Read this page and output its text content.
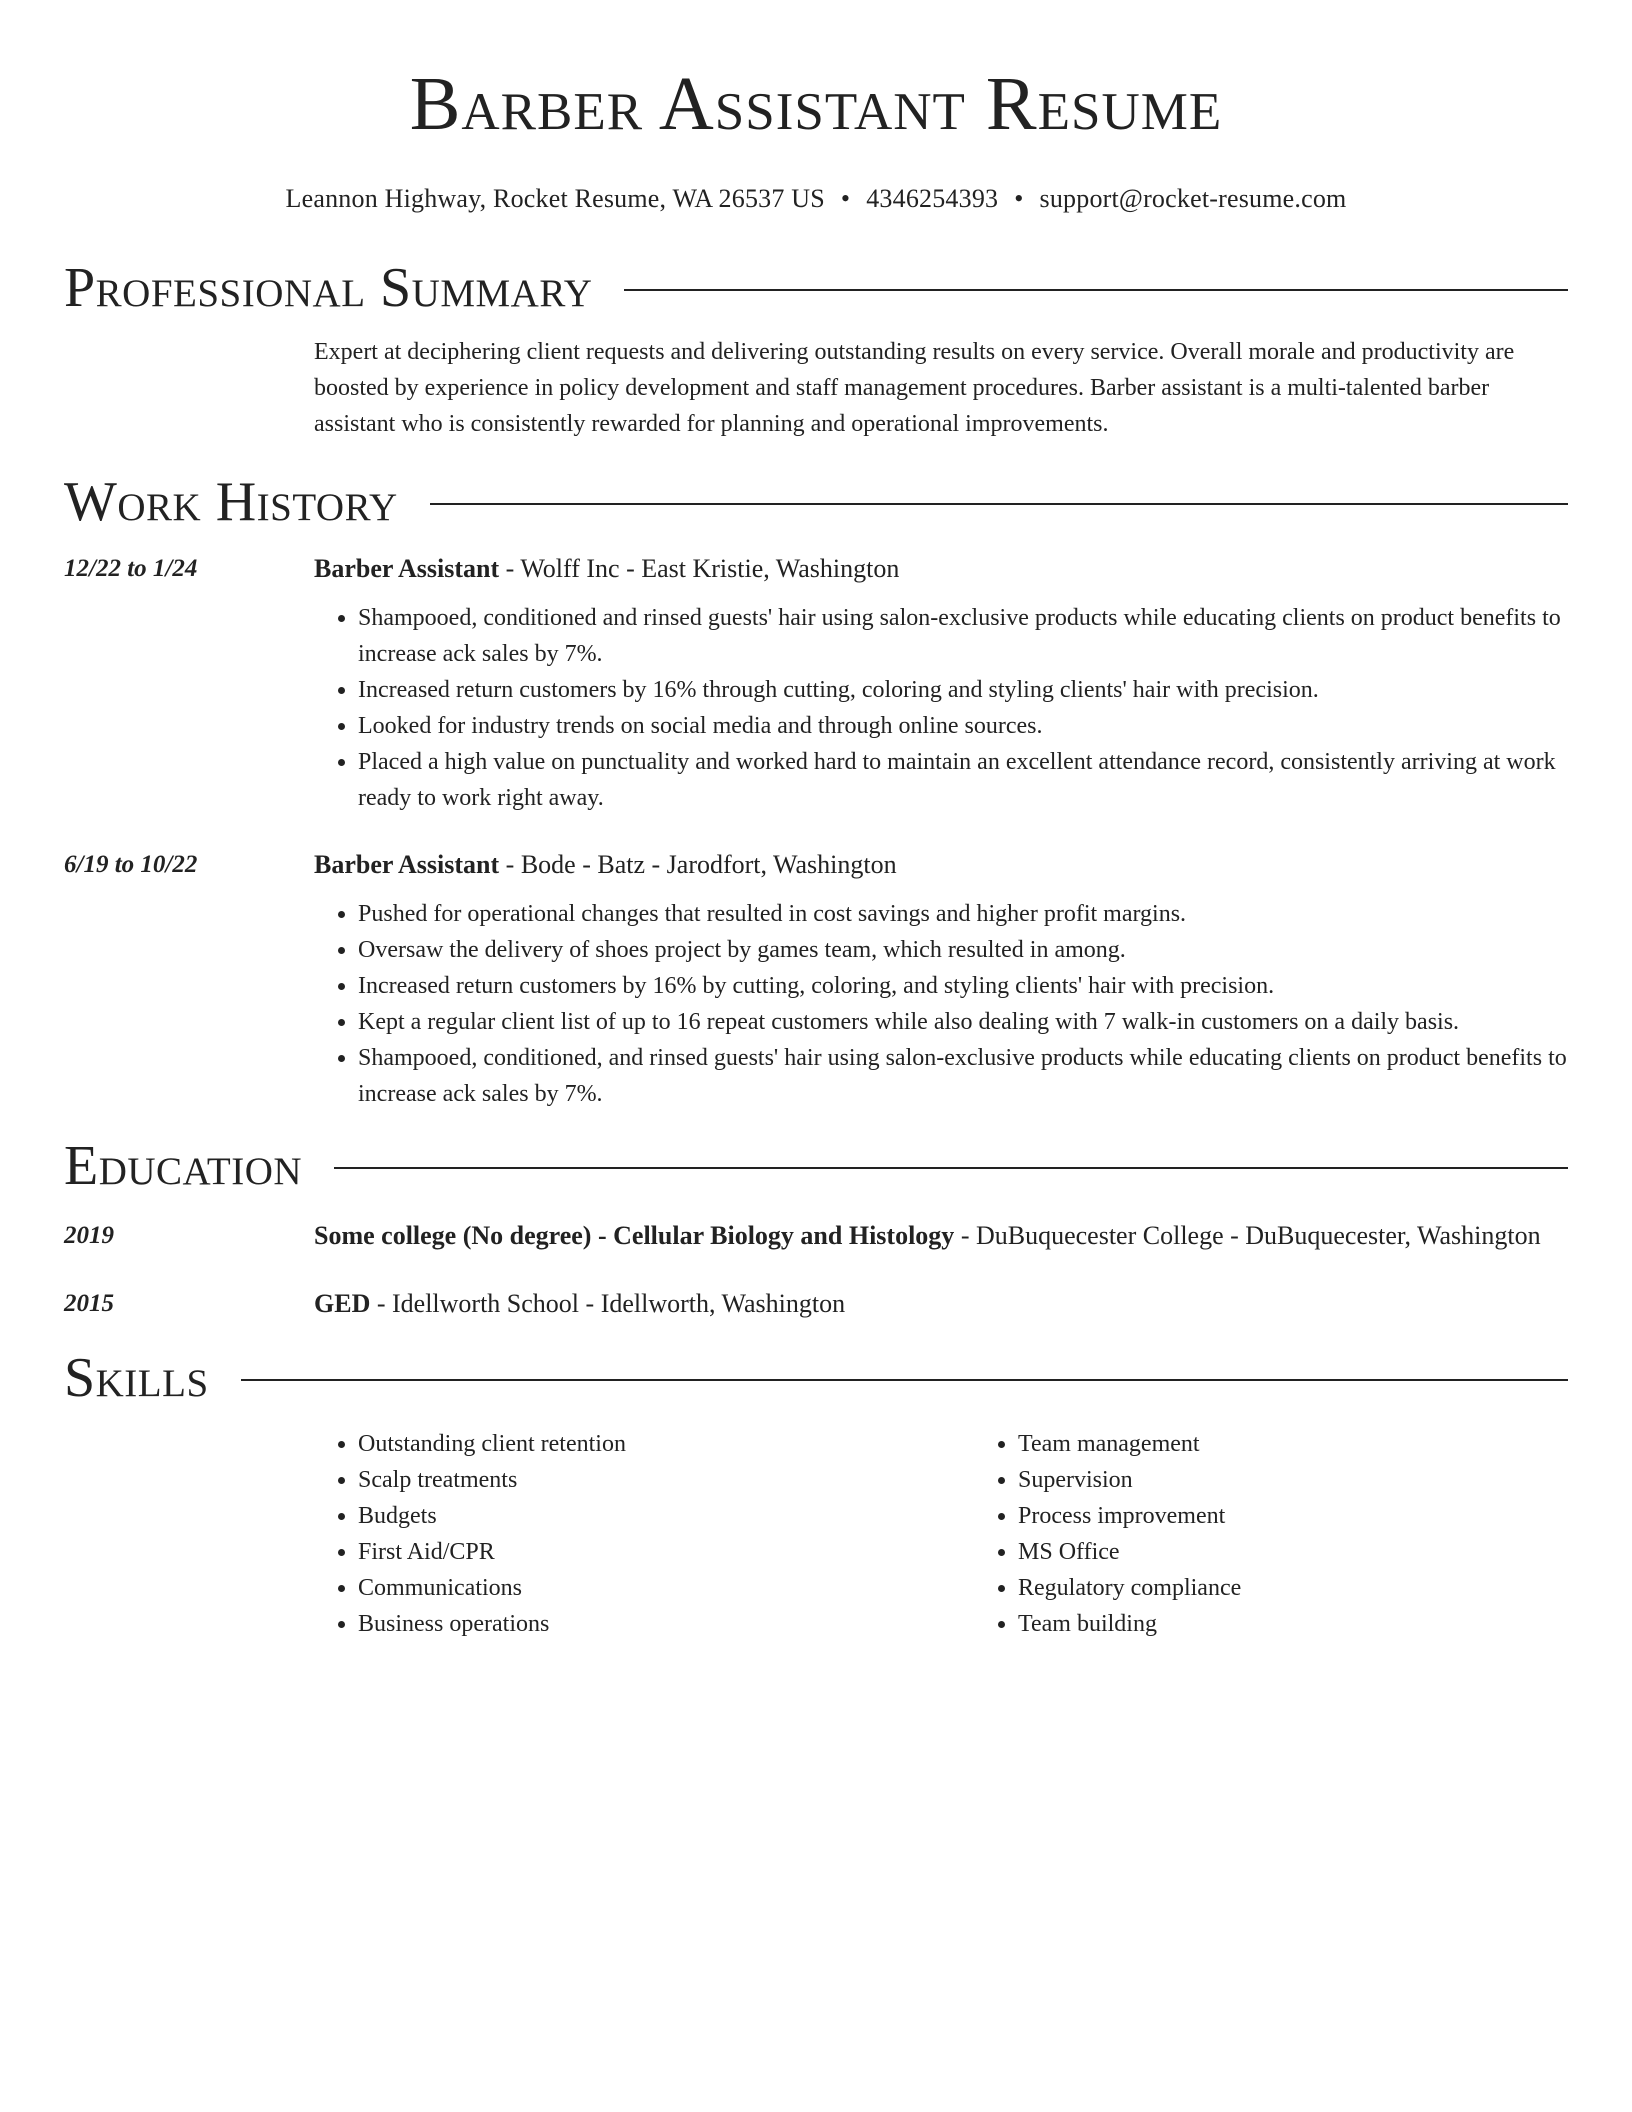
Barber Assistant Resume
Leannon Highway, Rocket Resume, WA 26537 US • 4346254393 • support@rocket-resume.com
Professional Summary
Expert at deciphering client requests and delivering outstanding results on every service. Overall morale and productivity are boosted by experience in policy development and staff management procedures. Barber assistant is a multi-talented barber assistant who is consistently rewarded for planning and operational improvements.
Work History
12/22 to 1/24	Barber Assistant - Wolff Inc - East Kristie, Washington
• Shampooed, conditioned and rinsed guests' hair using salon-exclusive products while educating clients on product benefits to increase ack sales by 7%.
• Increased return customers by 16% through cutting, coloring and styling clients' hair with precision.
• Looked for industry trends on social media and through online sources.
• Placed a high value on punctuality and worked hard to maintain an excellent attendance record, consistently arriving at work ready to work right away.
6/19 to 10/22	Barber Assistant - Bode - Batz - Jarodfort, Washington
• Pushed for operational changes that resulted in cost savings and higher profit margins.
• Oversaw the delivery of shoes project by games team, which resulted in among.
• Increased return customers by 16% by cutting, coloring, and styling clients' hair with precision.
• Kept a regular client list of up to 16 repeat customers while also dealing with 7 walk-in customers on a daily basis.
• Shampooed, conditioned, and rinsed guests' hair using salon-exclusive products while educating clients on product benefits to increase ack sales by 7%.
Education
2019	Some college (No degree) - Cellular Biology and Histology - DuBuquecester College - DuBuquecester, Washington
2015	GED - Idellworth School - Idellworth, Washington
Skills
• Outstanding client retention
• Scalp treatments
• Budgets
• First Aid/CPR
• Communications
• Business operations
• Team management
• Supervision
• Process improvement
• MS Office
• Regulatory compliance
• Team building
